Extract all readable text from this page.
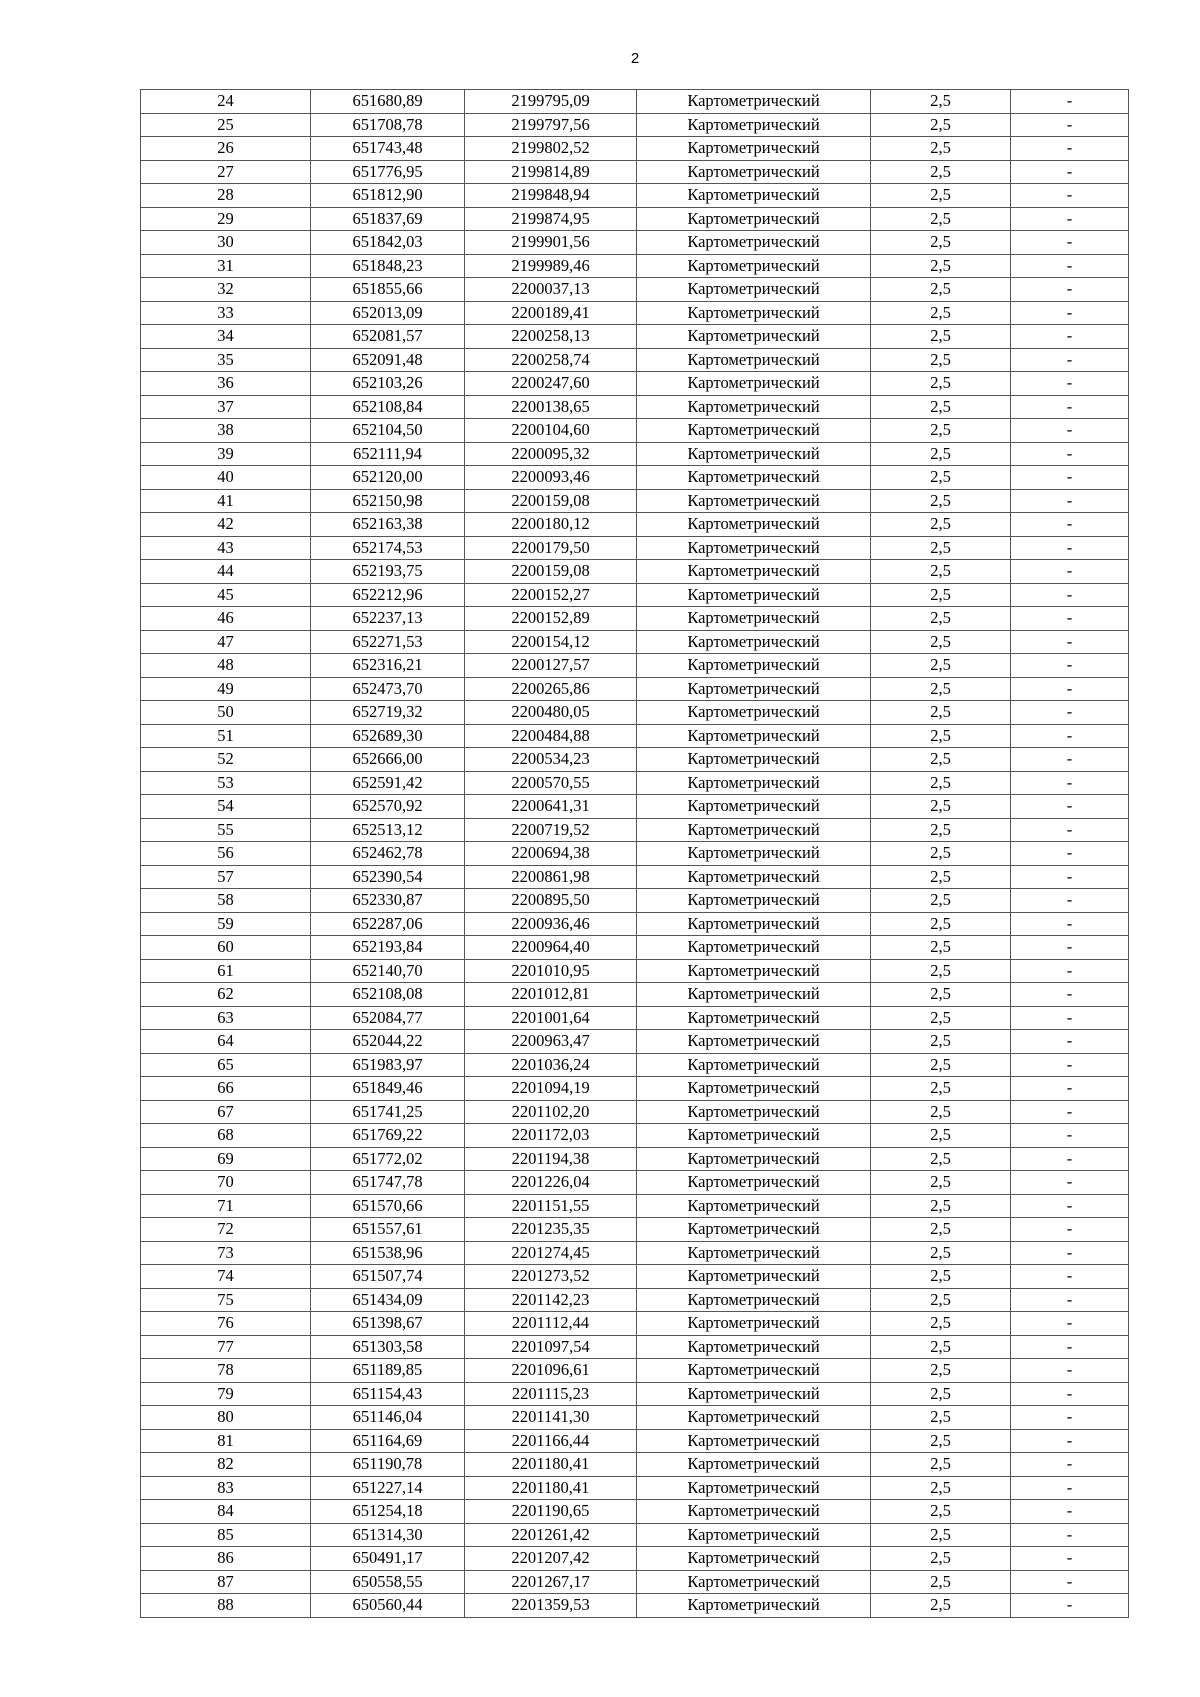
2
24	651680,89	2199795,09	Картометрический	2,5	-
25	651708,78	2199797,56	Картометрический	2,5	-
26	651743,48	2199802,52	Картометрический	2,5	-
27	651776,95	2199814,89	Картометрический	2,5	-
28	651812,90	2199848,94	Картометрический	2,5	-
29	651837,69	2199874,95	Картометрический	2,5	-
30	651842,03	2199901,56	Картометрический	2,5	-
31	651848,23	2199989,46	Картометрический	2,5	-
32	651855,66	2200037,13	Картометрический	2,5	-
33	652013,09	2200189,41	Картометрический	2,5	-
34	652081,57	2200258,13	Картометрический	2,5	-
35	652091,48	2200258,74	Картометрический	2,5	-
36	652103,26	2200247,60	Картометрический	2,5	-
37	652108,84	2200138,65	Картометрический	2,5	-
38	652104,50	2200104,60	Картометрический	2,5	-
39	652111,94	2200095,32	Картометрический	2,5	-
40	652120,00	2200093,46	Картометрический	2,5	-
41	652150,98	2200159,08	Картометрический	2,5	-
42	652163,38	2200180,12	Картометрический	2,5	-
43	652174,53	2200179,50	Картометрический	2,5	-
44	652193,75	2200159,08	Картометрический	2,5	-
45	652212,96	2200152,27	Картометрический	2,5	-
46	652237,13	2200152,89	Картометрический	2,5	-
47	652271,53	2200154,12	Картометрический	2,5	-
48	652316,21	2200127,57	Картометрический	2,5	-
49	652473,70	2200265,86	Картометрический	2,5	-
50	652719,32	2200480,05	Картометрический	2,5	-
51	652689,30	2200484,88	Картометрический	2,5	-
52	652666,00	2200534,23	Картометрический	2,5	-
53	652591,42	2200570,55	Картометрический	2,5	-
54	652570,92	2200641,31	Картометрический	2,5	-
55	652513,12	2200719,52	Картометрический	2,5	-
56	652462,78	2200694,38	Картометрический	2,5	-
57	652390,54	2200861,98	Картометрический	2,5	-
58	652330,87	2200895,50	Картометрический	2,5	-
59	652287,06	2200936,46	Картометрический	2,5	-
60	652193,84	2200964,40	Картометрический	2,5	-
61	652140,70	2201010,95	Картометрический	2,5	-
62	652108,08	2201012,81	Картометрический	2,5	-
63	652084,77	2201001,64	Картометрический	2,5	-
64	652044,22	2200963,47	Картометрический	2,5	-
65	651983,97	2201036,24	Картометрический	2,5	-
66	651849,46	2201094,19	Картометрический	2,5	-
67	651741,25	2201102,20	Картометрический	2,5	-
68	651769,22	2201172,03	Картометрический	2,5	-
69	651772,02	2201194,38	Картометрический	2,5	-
70	651747,78	2201226,04	Картометрический	2,5	-
71	651570,66	2201151,55	Картометрический	2,5	-
72	651557,61	2201235,35	Картометрический	2,5	-
73	651538,96	2201274,45	Картометрический	2,5	-
74	651507,74	2201273,52	Картометрический	2,5	-
75	651434,09	2201142,23	Картометрический	2,5	-
76	651398,67	2201112,44	Картометрический	2,5	-
77	651303,58	2201097,54	Картометрический	2,5	-
78	651189,85	2201096,61	Картометрический	2,5	-
79	651154,43	2201115,23	Картометрический	2,5	-
80	651146,04	2201141,30	Картометрический	2,5	-
81	651164,69	2201166,44	Картометрический	2,5	-
82	651190,78	2201180,41	Картометрический	2,5	-
83	651227,14	2201180,41	Картометрический	2,5	-
84	651254,18	2201190,65	Картометрический	2,5	-
85	651314,30	2201261,42	Картометрический	2,5	-
86	650491,17	2201207,42	Картометрический	2,5	-
87	650558,55	2201267,17	Картометрический	2,5	-
88	650560,44	2201359,53	Картометрический	2,5	-
